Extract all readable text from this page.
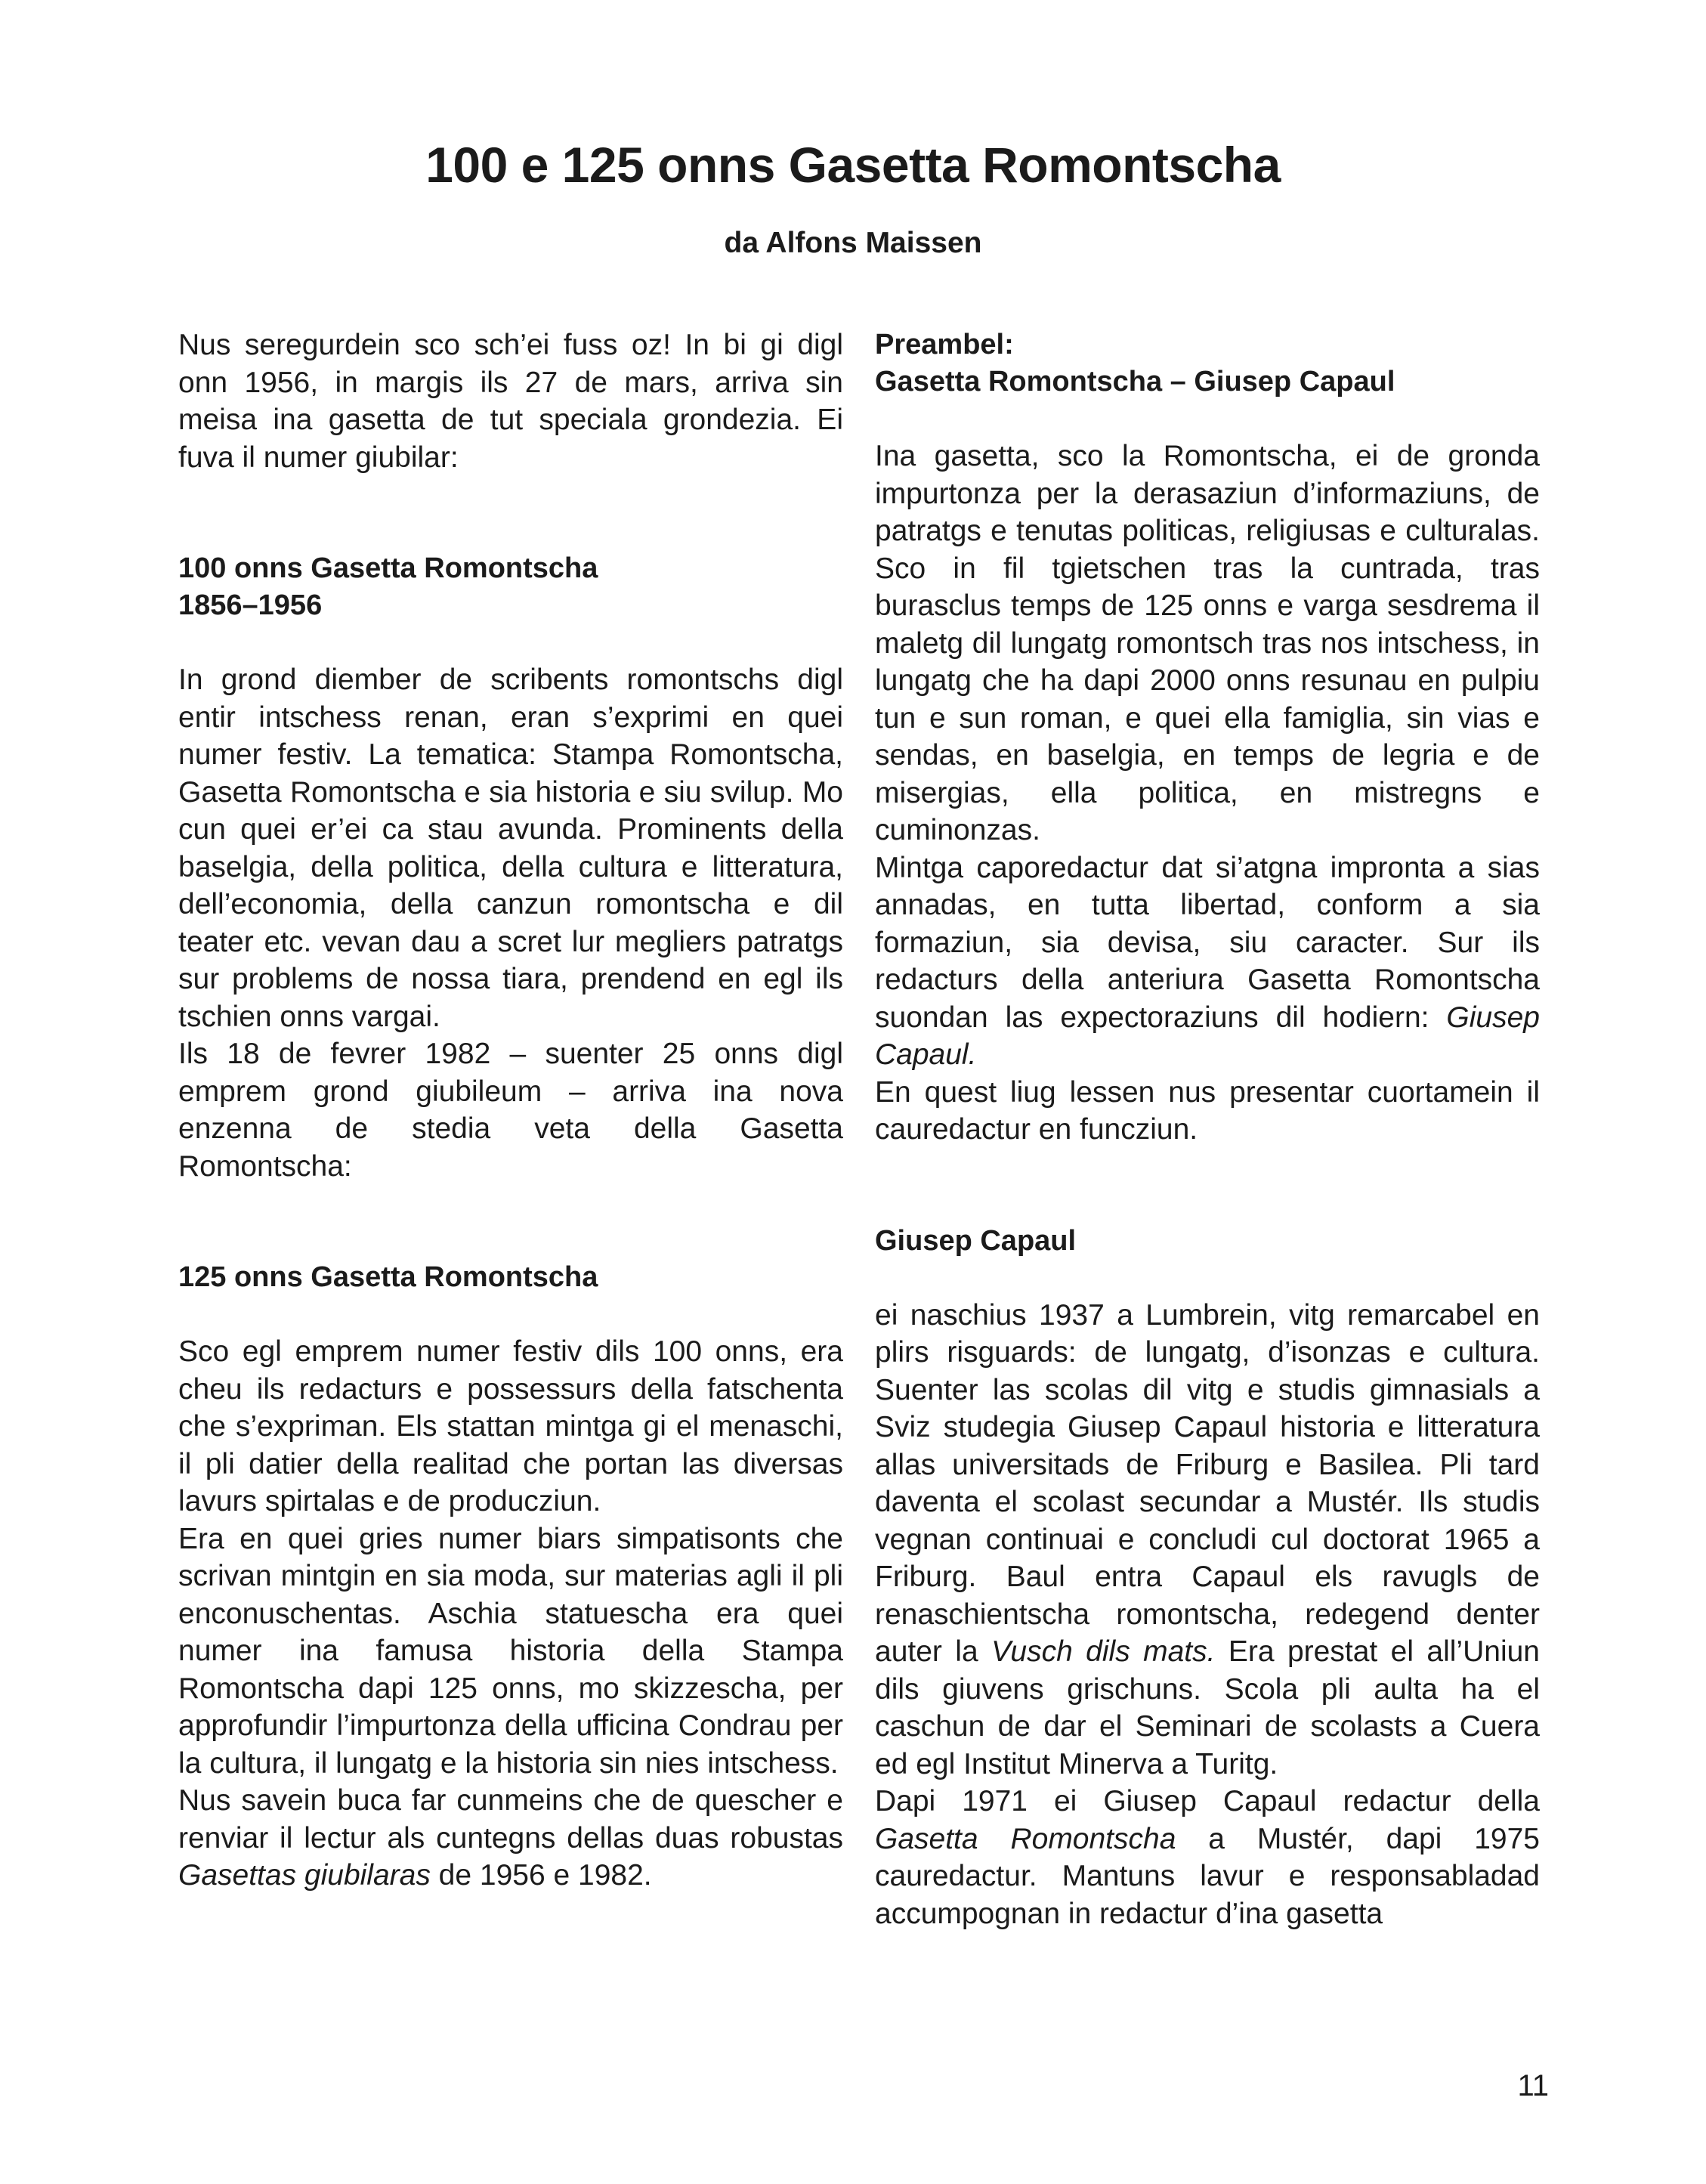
100 e 125 onns Gasetta Romontscha
da Alfons Maissen

Nus seregurdein sco sch’ei fuss oz! In bi gi digl onn 1956, in margis ils 27 de mars, arriva sin meisa ina gasetta de tut speciala grondezia. Ei fuva il numer giubilar:

100 onns Gasetta Romontscha
1856–1956

In grond diember de scribents romontschs digl entir intschess renan, eran s’exprimi en quei numer festiv. La tematica: Stampa Romontscha, Gasetta Romontscha e sia historia e siu svilup. Mo cun quei er’ei ca stau avunda. Prominents della baselgia, della politica, della cultura e litteratura, dell’economia, della canzun romontscha e dil teater etc. vevan dau a scret lur megliers patratgs sur problems de nossa tiara, prendend en egl ils tschien onns vargai.

Ils 18 de fevrer 1982 – suenter 25 onns digl emprem grond giubileum – arriva ina nova enzenna de stedia veta della Gasetta Romontscha:

125 onns Gasetta Romontscha

Sco egl emprem numer festiv dils 100 onns, era cheu ils redacturs e possessurs della fatschenta che s’expriman. Els stattan mintga gi el menaschi, il pli datier della realitad che portan las diversas lavurs spirtalas e de producziun.

Era en quei gries numer biars simpatisonts che scrivan mintgin en sia moda, sur materias agli il pli enconuschentas. Aschia statuescha era quei numer ina famusa historia della Stampa Romontscha dapi 125 onns, mo skizzescha, per approfundir l’impurtonza della ufficina Condrau per la cultura, il lungatg e la historia sin nies intschess.

Nus savein buca far cunmeins che de quescher e renviar il lectur als cuntegns dellas duas robustas Gasettas giubilaras de 1956 e 1982.

Preambel:
Gasetta Romontscha – Giusep Capaul

Ina gasetta, sco la Romontscha, ei de gronda impurtonza per la derasaziun d’informaziuns, de patratgs e tenutas politicas, religiusas e culturalas. Sco in fil tgietschen tras la cuntrada, tras burasclus temps de 125 onns e varga sesdrema il maletg dil lungatg romontsch tras nos intschess, in lungatg che ha dapi 2000 onns resunau en pulpiu tun e sun roman, e quei ella famiglia, sin vias e sendas, en baselgia, en temps de legria e de misergias, ella politica, en mistregns e cuminonzas.

Mintga caporedactur dat si’atgna impronta a sias annadas, en tutta libertad, conform a sia formaziun, sia devisa, siu caracter. Sur ils redacturs della anteriura Gasetta Romontscha suondan las expectoraziuns dil hodiern: Giusep Capaul.

En quest liug lessen nus presentar cuortamein il cauredactur en funcziun.

Giusep Capaul

ei naschius 1937 a Lumbrein, vitg remarcabel en plirs risguards: de lungatg, d’isonzas e cultura. Suenter las scolas dil vitg e studis gimnasials a Sviz studegia Giusep Capaul historia e litteratura allas universitads de Friburg e Basilea. Pli tard daventa el scolast secundar a Mustér. Ils studis vegnan continuai e concludi cul doctorat 1965 a Friburg. Baul entra Capaul els ravugls de renaschientscha romontscha, redegend denter auter la Vusch dils mats. Era prestat el all’Uniun dils giuvens grischuns. Scola pli aulta ha el caschun de dar el Seminari de scolasts a Cuera ed egl Institut Minerva a Turitg.

Dapi 1971 ei Giusep Capaul redactur della Gasetta Romontscha a Mustér, dapi 1975 cauredactur. Mantuns lavur e responsabladad accumpognan in redactur d’ina gasetta

11
